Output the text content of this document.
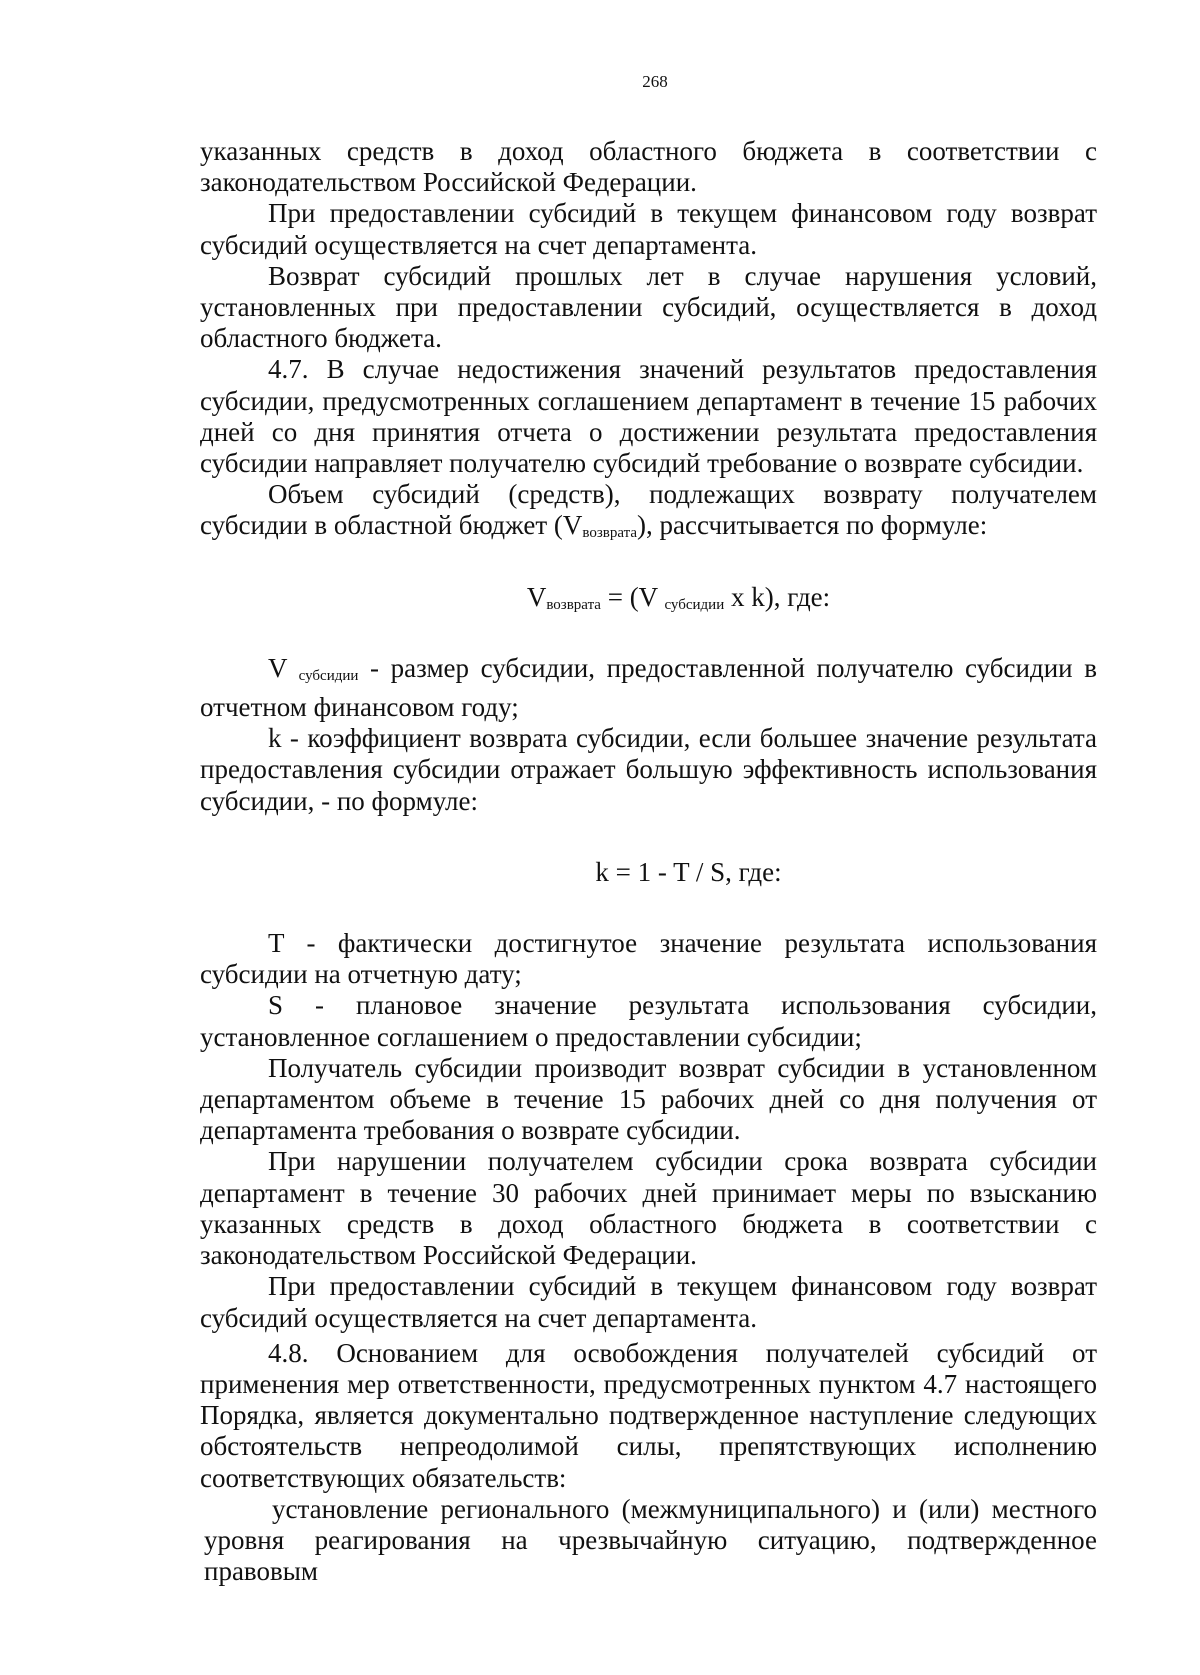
268

указанных средств в доход областного бюджета в соответствии с законодательством Российской Федерации.

При предоставлении субсидий в текущем финансовом году возврат субсидий осуществляется на счет департамента.

Возврат субсидий прошлых лет в случае нарушения условий, установленных при предоставлении субсидий, осуществляется в доход областного бюджета.

4.7. В случае недостижения значений результатов предоставления субсидии, предусмотренных соглашением департамент в течение 15 рабочих дней со дня принятия отчета о достижении результата предоставления субсидии направляет получателю субсидий требование о возврате субсидии.

Объем субсидий (средств), подлежащих возврату получателем субсидии в областной бюджет $(V_{возврата})$, рассчитывается по формуле:

$V_{возврата} = (V$ $_{субсидии}$ x k), где:

V $_{субсидии}$ - размер субсидии, предоставленной получателю субсидии в отчетном финансовом году;

k - коэффициент возврата субсидии, если большее значение результата предоставления субсидии отражает большую эффективность использования субсидии, - по формуле:

k = 1 - T / S, где:

T - фактически достигнутое значение результата использования субсидии на отчетную дату;

S - плановое значение результата использования субсидии, установленное соглашением о предоставлении субсидии;

Получатель субсидии производит возврат субсидии в установленном департаментом объеме в течение 15 рабочих дней со дня получения от департамента требования о возврате субсидии.

При нарушении получателем субсидии срока возврата субсидии департамент в течение 30 рабочих дней принимает меры по взысканию указанных средств в доход областного бюджета в соответствии с законодательством Российской Федерации.

При предоставлении субсидий в текущем финансовом году возврат субсидий осуществляется на счет департамента.

4.8. Основанием для освобождения получателей субсидий от применения мер ответственности, предусмотренных пунктом 4.7 настоящего Порядка, является документально подтвержденное наступление следующих обстоятельств непреодолимой силы, препятствующих исполнению соответствующих обязательств:

установление регионального (межмуниципального) и (или) местного уровня реагирования на чрезвычайную ситуацию, подтвержденное правовым
